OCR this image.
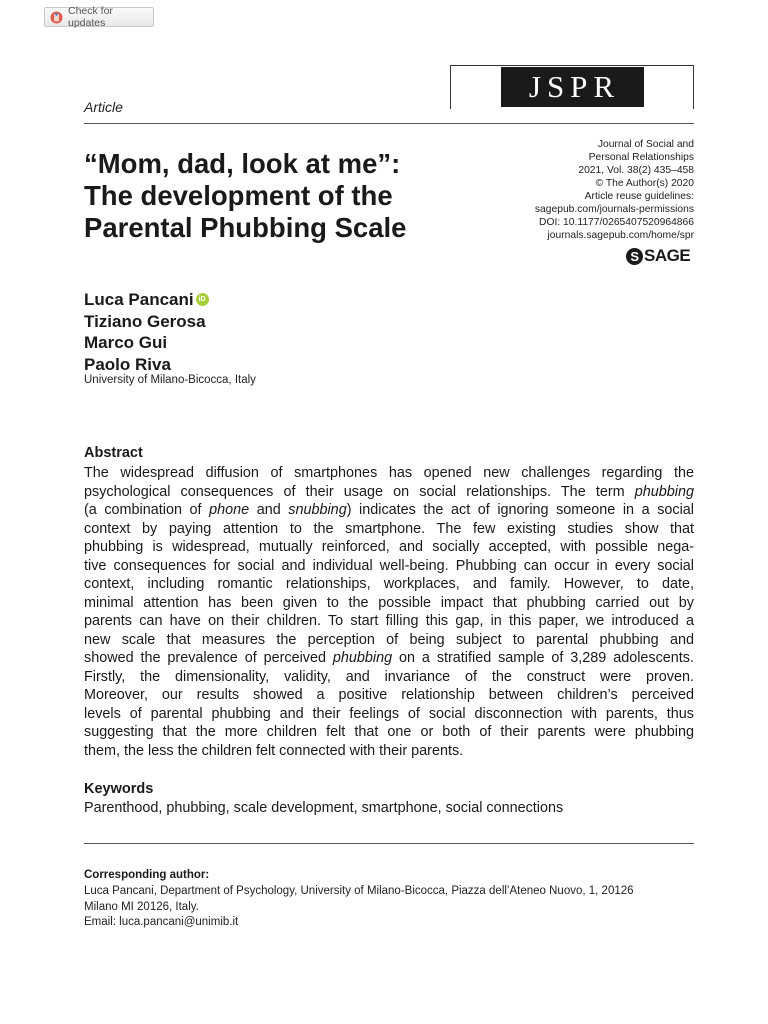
Check for updates
JSPR
Article
“Mom, dad, look at me”:
The development of the
Parental Phubbing Scale
Journal of Social and
Personal Relationships
2021, Vol. 38(2) 435–458
© The Author(s) 2020
Article reuse guidelines:
sagepub.com/journals-permissions
DOI: 10.1177/0265407520964866
journals.sagepub.com/home/spr
S SAGE
Luca Pancani iD
Tiziano Gerosa
Marco Gui
Paolo Riva
University of Milano-Bicocca, Italy
Abstract
The widespread diffusion of smartphones has opened new challenges regarding the
psychological consequences of their usage on social relationships. The term phubbing
(a combination of phone and snubbing) indicates the act of ignoring someone in a social
context by paying attention to the smartphone. The few existing studies show that
phubbing is widespread, mutually reinforced, and socially accepted, with possible nega-
tive consequences for social and individual well-being. Phubbing can occur in every social
context, including romantic relationships, workplaces, and family. However, to date,
minimal attention has been given to the possible impact that phubbing carried out by
parents can have on their children. To start filling this gap, in this paper, we introduced a
new scale that measures the perception of being subject to parental phubbing and
showed the prevalence of perceived phubbing on a stratified sample of 3,289 adolescents.
Firstly, the dimensionality, validity, and invariance of the construct were proven.
Moreover, our results showed a positive relationship between children’s perceived
levels of parental phubbing and their feelings of social disconnection with parents, thus
suggesting that the more children felt that one or both of their parents were phubbing
them, the less the children felt connected with their parents.
Keywords
Parenthood, phubbing, scale development, smartphone, social connections
Corresponding author:
Luca Pancani, Department of Psychology, University of Milano-Bicocca, Piazza dell’Ateneo Nuovo, 1, 20126
Milano MI 20126, Italy.
Email: luca.pancani@unimib.it
